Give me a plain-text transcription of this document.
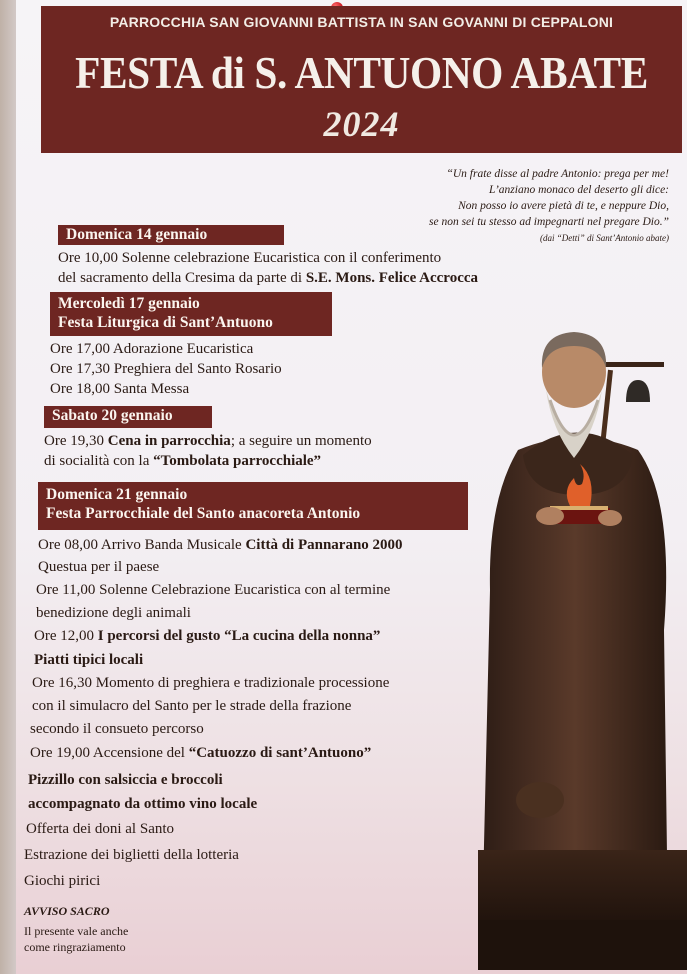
PARROCCHIA SAN GIOVANNI BATTISTA IN SAN GOVANNI DI CEPPALONI
FESTA di S. ANTUONO ABATE
2024
“Un frate disse al padre Antonio: prega per me!
L’anziano monaco del deserto gli dice:
Non posso io avere pietà di te, e neppure Dio,
se non sei tu stesso ad impegnarti nel pregare Dio.”
(dai “Detti” di Sant’Antonio abate)
Domenica 14 gennaio
Ore 10,00 Solenne celebrazione Eucaristica con il conferimento
del sacramento della Cresima da parte di S.E. Mons. Felice Accrocca
Mercoledì 17 gennaio
Festa Liturgica di Sant’Antuono
Ore 17,00 Adorazione Eucaristica
Ore 17,30 Preghiera del Santo Rosario
Ore 18,00 Santa Messa
Sabato 20 gennaio
Ore 19,30 Cena in parrocchia; a seguire un momento
di socialità con la “Tombolata parrocchiale”
Domenica 21 gennaio
Festa Parrocchiale del Santo anacoreta Antonio
Ore 08,00 Arrivo Banda Musicale Città di Pannarano 2000
Questua per il paese
Ore 11,00 Solenne Celebrazione Eucaristica con al termine
benedizione degli animali
Ore 12,00 I percorsi del gusto “La cucina della nonna”
Piatti tipici locali
Ore 16,30 Momento di preghiera e tradizionale processione
con il simulacro del Santo per le strade della frazione
secondo il consueto percorso
Ore 19,00 Accensione del “Catuozzo di sant’Antuono”
Pizzillo con salsiccia e broccoli
accompagnato da ottimo vino locale
Offerta dei doni al Santo
Estrazione dei biglietti della lotteria
Giochi pirici
AVVISO SACRO
Il presente vale anche
come ringraziamento
